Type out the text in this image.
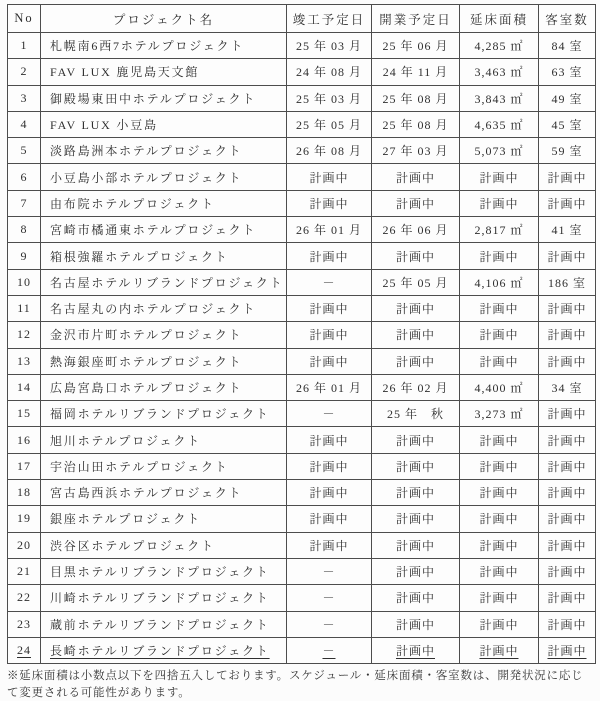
No	プロジェクト名	竣工予定日	開業予定日	延床面積	客室数
1	札幌南6西7ホテルプロジェクト	25 年 03 月	25 年 06 月	4,285 ㎡	84 室
2	FAV LUX 鹿児島天文館	24 年 08 月	24 年 11 月	3,463 ㎡	63 室
3	御殿場東田中ホテルプロジェクト	25 年 03 月	25 年 08 月	3,843 ㎡	49 室
4	FAV LUX 小豆島	25 年 05 月	25 年 08 月	4,635 ㎡	45 室
5	淡路島洲本ホテルプロジェクト	26 年 08 月	27 年 03 月	5,073 ㎡	59 室
6	小豆島小部ホテルプロジェクト	計画中	計画中	計画中	計画中
7	由布院ホテルプロジェクト	計画中	計画中	計画中	計画中
8	宮崎市橘通東ホテルプロジェクト	26 年 01 月	26 年 06 月	2,817 ㎡	41 室
9	箱根強羅ホテルプロジェクト	計画中	計画中	計画中	計画中
10	名古屋ホテルリブランドプロジェクト	－	25 年 05 月	4,106 ㎡	186 室
11	名古屋丸の内ホテルプロジェクト	計画中	計画中	計画中	計画中
12	金沢市片町ホテルプロジェクト	計画中	計画中	計画中	計画中
13	熱海銀座町ホテルプロジェクト	計画中	計画中	計画中	計画中
14	広島宮島口ホテルプロジェクト	26 年 01 月	26 年 02 月	4,400 ㎡	34 室
15	福岡ホテルリブランドプロジェクト	－	25 年　秋	3,273 ㎡	計画中
16	旭川ホテルプロジェクト	計画中	計画中	計画中	計画中
17	宇治山田ホテルプロジェクト	計画中	計画中	計画中	計画中
18	宮古島西浜ホテルプロジェクト	計画中	計画中	計画中	計画中
19	銀座ホテルプロジェクト	計画中	計画中	計画中	計画中
20	渋谷区ホテルプロジェクト	計画中	計画中	計画中	計画中
21	目黒ホテルリブランドプロジェクト	－	計画中	計画中	計画中
22	川崎ホテルリブランドプロジェクト	－	計画中	計画中	計画中
23	蔵前ホテルリブランドプロジェクト	－	計画中	計画中	計画中
24	長崎ホテルリブランドプロジェクト	－	計画中	計画中	計画中

※延床面積は小数点以下を四捨五入しております。スケジュール・延床面積・客室数は、開発状況に応じて変更される可能性があります。
